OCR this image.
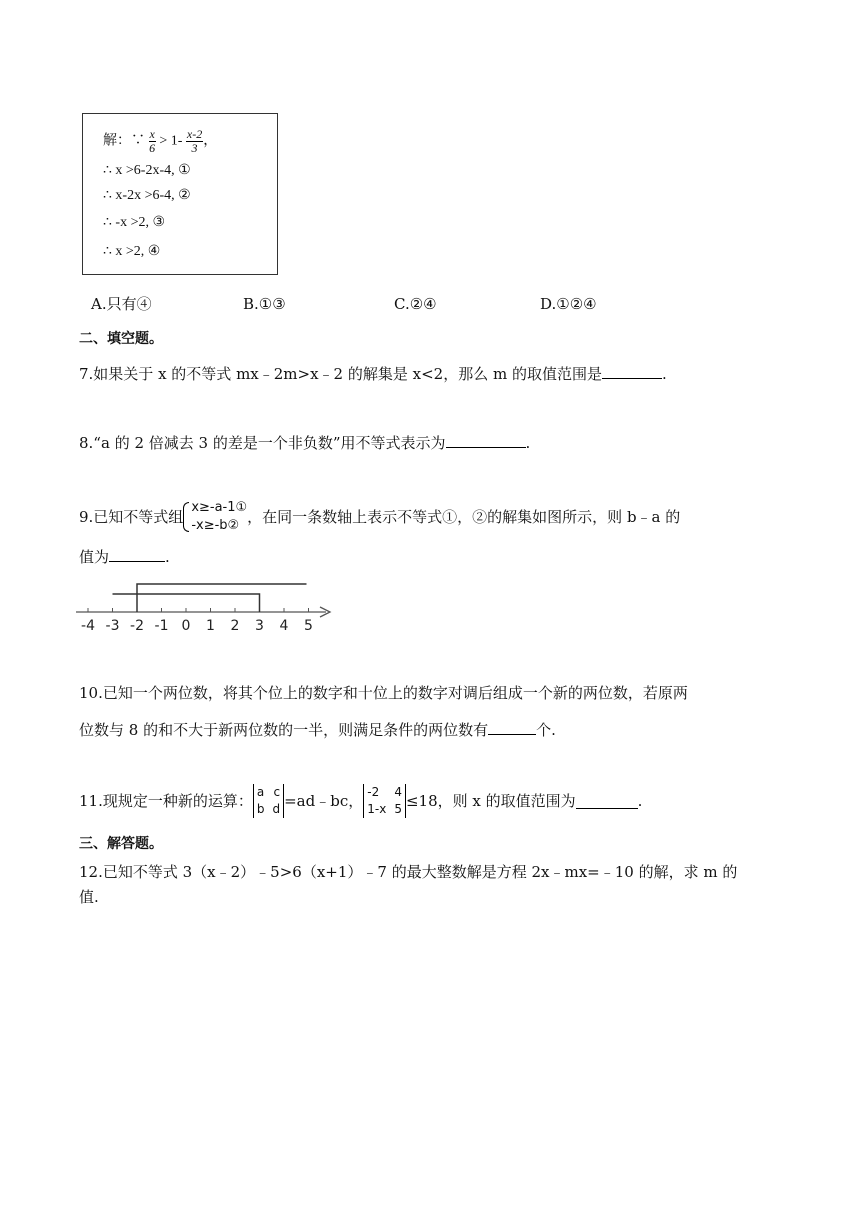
解：∵ $\frac{x}{6} > 1- \frac{x-2}{3}$ ，
∴ x >6-2x-4, ①
∴ x-2x >6-4, ②
∴ -x >2, ③
∴ x >2, ④
A.只有④	B.①③	C.②④	D.①②④
二、填空题。
7.如果关于 x 的不等式 mx﹣2m>x﹣2 的解集是 x<2，那么 m 的取值范围是	.
8.“a 的 2 倍减去 3 的差是一个非负数”用不等式表示为	.
9.已知不等式组
x≥-a-1①
-x≥-b② ，在同一条数轴上表示不等式①，②的解集如图所示，则 b﹣a 的
值为	.
-4 -3 -2 -1 0 1 2 3 4 5
10.已知一个两位数，将其个位上的数字和十位上的数字对调后组成一个新的两位数，若原两
位数与 8 的和不大于新两位数的一半，则满足条件的两位数有	个.
11.现规定一种新的运算： a c
b d =ad﹣bc， -2 4
1-x 5 ≤18，则 x 的取值范围为	.
三、解答题。
12.已知不等式 3（x﹣2）﹣5>6（x+1）﹣7 的最大整数解是方程 2x﹣mx=﹣10 的解，求 m 的
值.
